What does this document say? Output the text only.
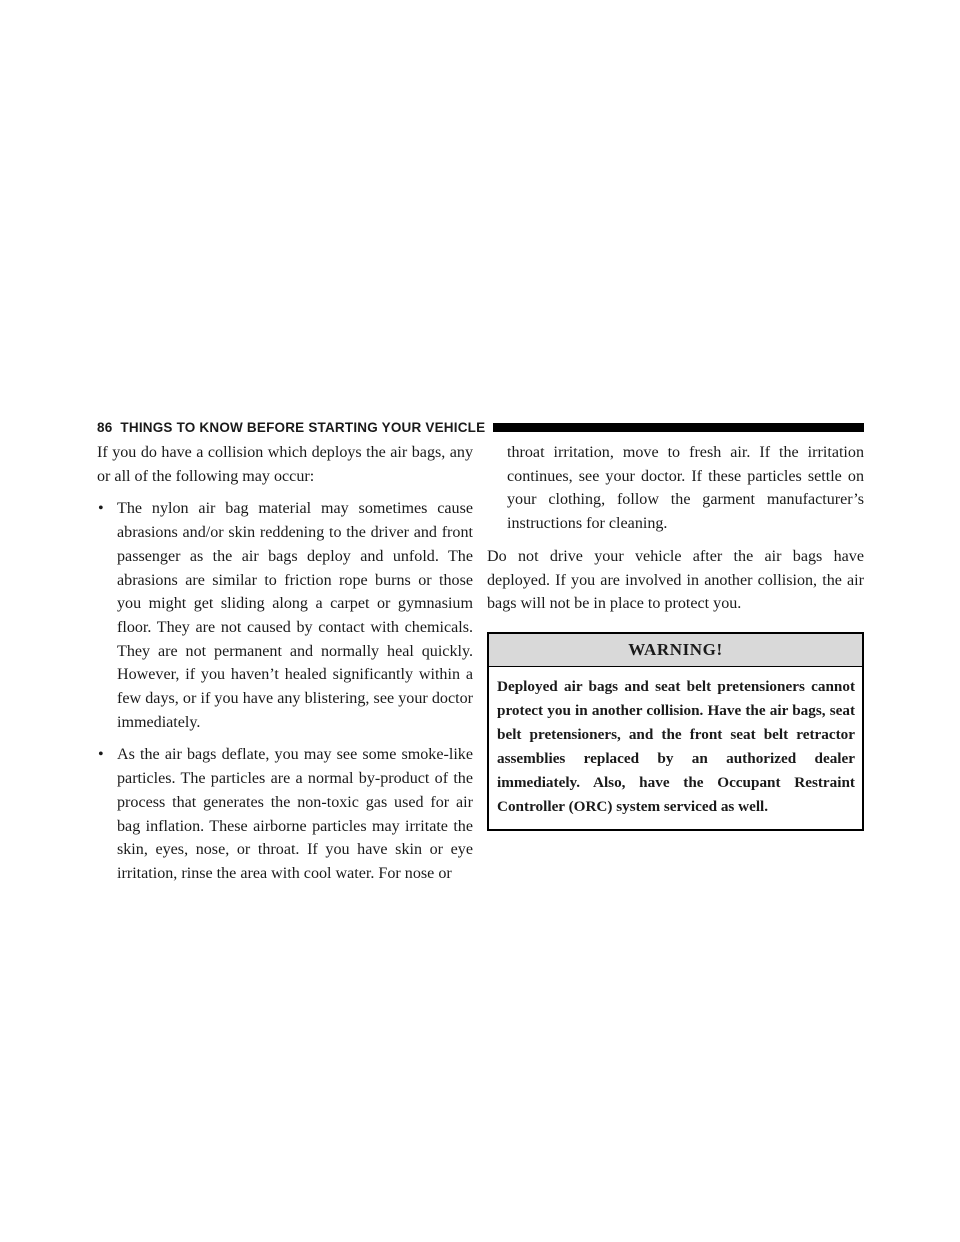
86 THINGS TO KNOW BEFORE STARTING YOUR VEHICLE

If you do have a collision which deploys the air bags, any or all of the following may occur:

• The nylon air bag material may sometimes cause abrasions and/or skin reddening to the driver and front passenger as the air bags deploy and unfold. The abrasions are similar to friction rope burns or those you might get sliding along a carpet or gymnasium floor. They are not caused by contact with chemicals. They are not permanent and normally heal quickly. However, if you haven’t healed significantly within a few days, or if you have any blistering, see your doctor immediately.
• As the air bags deflate, you may see some smoke-like particles. The particles are a normal by-product of the process that generates the non-toxic gas used for air bag inflation. These airborne particles may irritate the skin, eyes, nose, or throat. If you have skin or eye irritation, rinse the area with cool water. For nose or

throat irritation, move to fresh air. If the irritation continues, see your doctor. If these particles settle on your clothing, follow the garment manufacturer’s instructions for cleaning.

Do not drive your vehicle after the air bags have deployed. If you are involved in another collision, the air bags will not be in place to protect you.

WARNING!
Deployed air bags and seat belt pretensioners cannot protect you in another collision. Have the air bags, seat belt pretensioners, and the front seat belt retractor assemblies replaced by an authorized dealer immediately. Also, have the Occupant Restraint Controller (ORC) system serviced as well.
